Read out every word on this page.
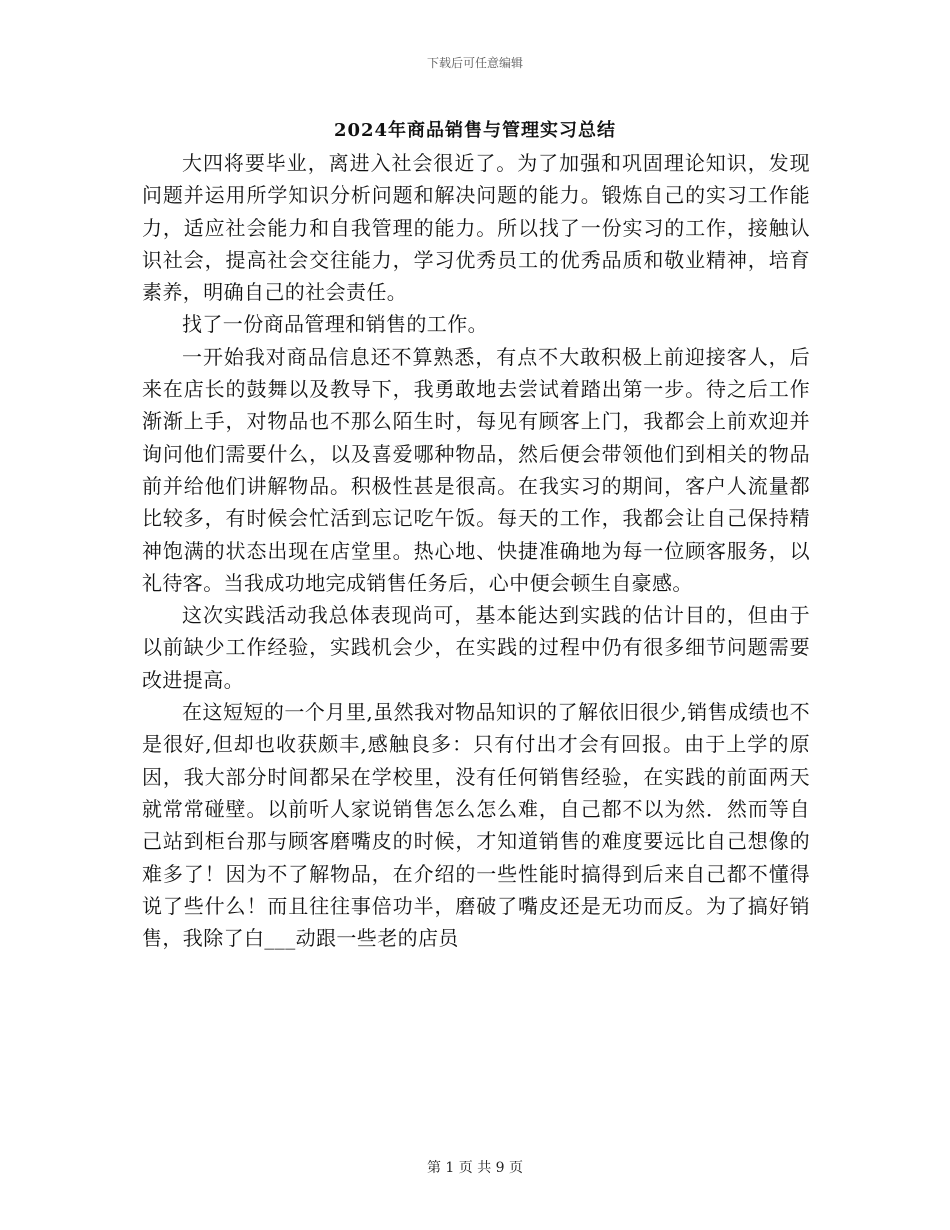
下载后可任意编辑
2024年商品销售与管理实习总结

大四将要毕业，离进入社会很近了。为了加强和巩固理论知识，发现问题并运用所学知识分析问题和解决问题的能力。锻炼自己的实习工作能力，适应社会能力和自我管理的能力。所以找了一份实习的工作，接触认识社会，提高社会交往能力，学习优秀员工的优秀品质和敬业精神，培育素养，明确自己的社会责任。

找了一份商品管理和销售的工作。

一开始我对商品信息还不算熟悉，有点不大敢积极上前迎接客人，后来在店长的鼓舞以及教导下，我勇敢地去尝试着踏出第一步。待之后工作渐渐上手，对物品也不那么陌生时，每见有顾客上门，我都会上前欢迎并询问他们需要什么，以及喜爱哪种物品，然后便会带领他们到相关的物品前并给他们讲解物品。积极性甚是很高。在我实习的期间，客户人流量都比较多，有时候会忙活到忘记吃午饭。每天的工作，我都会让自己保持精神饱满的状态出现在店堂里。热心地、快捷准确地为每一位顾客服务，以礼待客。当我成功地完成销售任务后，心中便会顿生自豪感。

这次实践活动我总体表现尚可，基本能达到实践的估计目的，但由于以前缺少工作经验，实践机会少，在实践的过程中仍有很多细节问题需要改进提高。

在这短短的一个月里,虽然我对物品知识的了解依旧很少,销售成绩也不是很好,但却也收获颇丰,感触良多：只有付出才会有回报。由于上学的原因，我大部分时间都呆在学校里，没有任何销售经验，在实践的前面两天就常常碰壁。以前听人家说销售怎么怎么难，自己都不以为然．然而等自己站到柜台那与顾客磨嘴皮的时候，才知道销售的难度要远比自己想像的难多了！因为不了解物品，在介绍的一些性能时搞得到后来自己都不懂得说了些什么！而且往往事倍功半，磨破了嘴皮还是无功而反。为了搞好销售，我除了白___动跟一些老的店员

第 1 页 共 9 页
